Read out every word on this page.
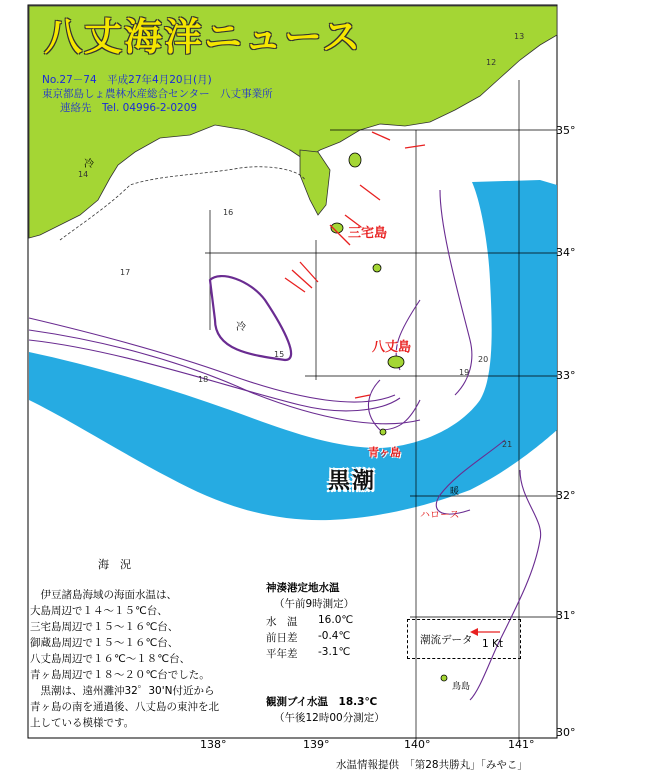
八丈海洋ニュース
No.27－74　平成27年4月20日(月)
東京都島しょ農林水産総合センター　八丈事業所
連絡先　Tel. 04996-2-0209
冷
冷
三宅島
八丈島
青ヶ島
黒潮	暖
ハロース
鳥島
13
14
15
16
17
18
19
20
21
12
35°
34°
33°
32°
31°
30°
138°	139°	140°	141°
海　況
　伊豆諸島海域の海面水温は、
大島周辺で１４～１５℃台、
三宅島周辺で１５～１６℃台、
御蔵島周辺で１５～１６℃台、
八丈島周辺で１６℃～１８℃台、
青ヶ島周辺で１８～２０℃台でした。
　黒潮は、遠州灘沖32゜30'N付近から
青ヶ島の南を通過後、八丈島の東沖を北
上している模様です。
神湊港定地水温
（午前9時測定）
水　温 16.0℃
前日差 -0.4℃
平年差 -3.1℃
観測ブイ水温　18.3℃
（午後12時00分測定）
潮流データ 1 Kt
水温情報提供　「第28共勝丸」「みやこ」
